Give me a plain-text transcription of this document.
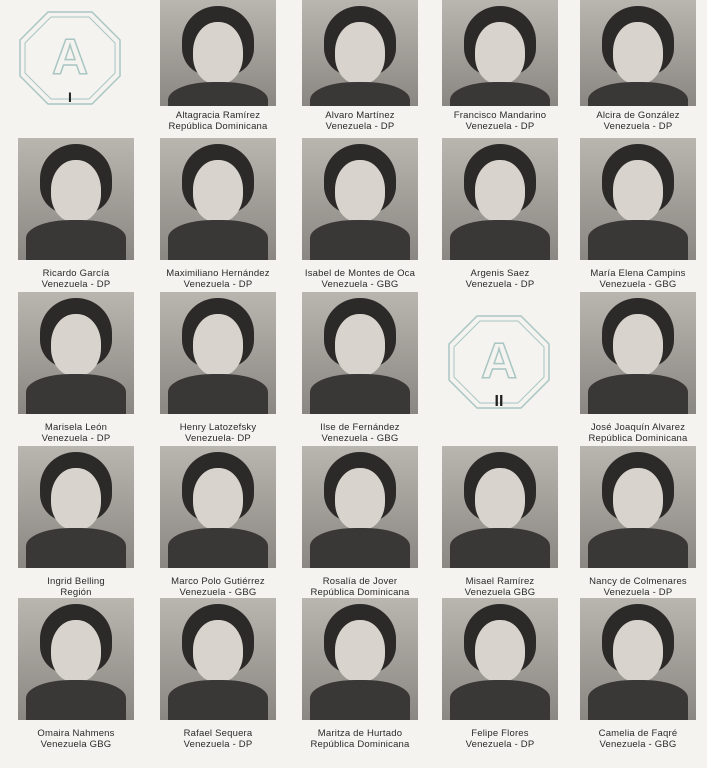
A
I
A
II
Altagracia Ramírez
República Dominicana
Alvaro Martínez
Venezuela - DP
Francisco Mandarino
Venezuela - DP
Alcira de González
Venezuela - DP
Ricardo García
Venezuela - DP
Maximiliano Hernández
Venezuela - DP
Isabel de Montes de Oca
Venezuela - GBG
Argenis Saez
Venezuela - DP
María Elena Campins
Venezuela - GBG
Marisela León
Venezuela - DP
Henry Latozefsky
Venezuela- DP
Ilse de Fernández
Venezuela - GBG
José Joaquín Alvarez
República Dominicana
Ingrid Belling
Región
Marco Polo Gutiérrez
Venezuela - GBG
Rosalía de Jover
República Dominicana
Misael Ramírez
Venezuela GBG
Nancy de Colmenares
Venezuela - DP
Omaira Nahmens
Venezuela GBG
Rafael Sequera
Venezuela - DP
Maritza de Hurtado
República Dominicana
Felipe Flores
Venezuela - DP
Camelia de Faqré
Venezuela - GBG
